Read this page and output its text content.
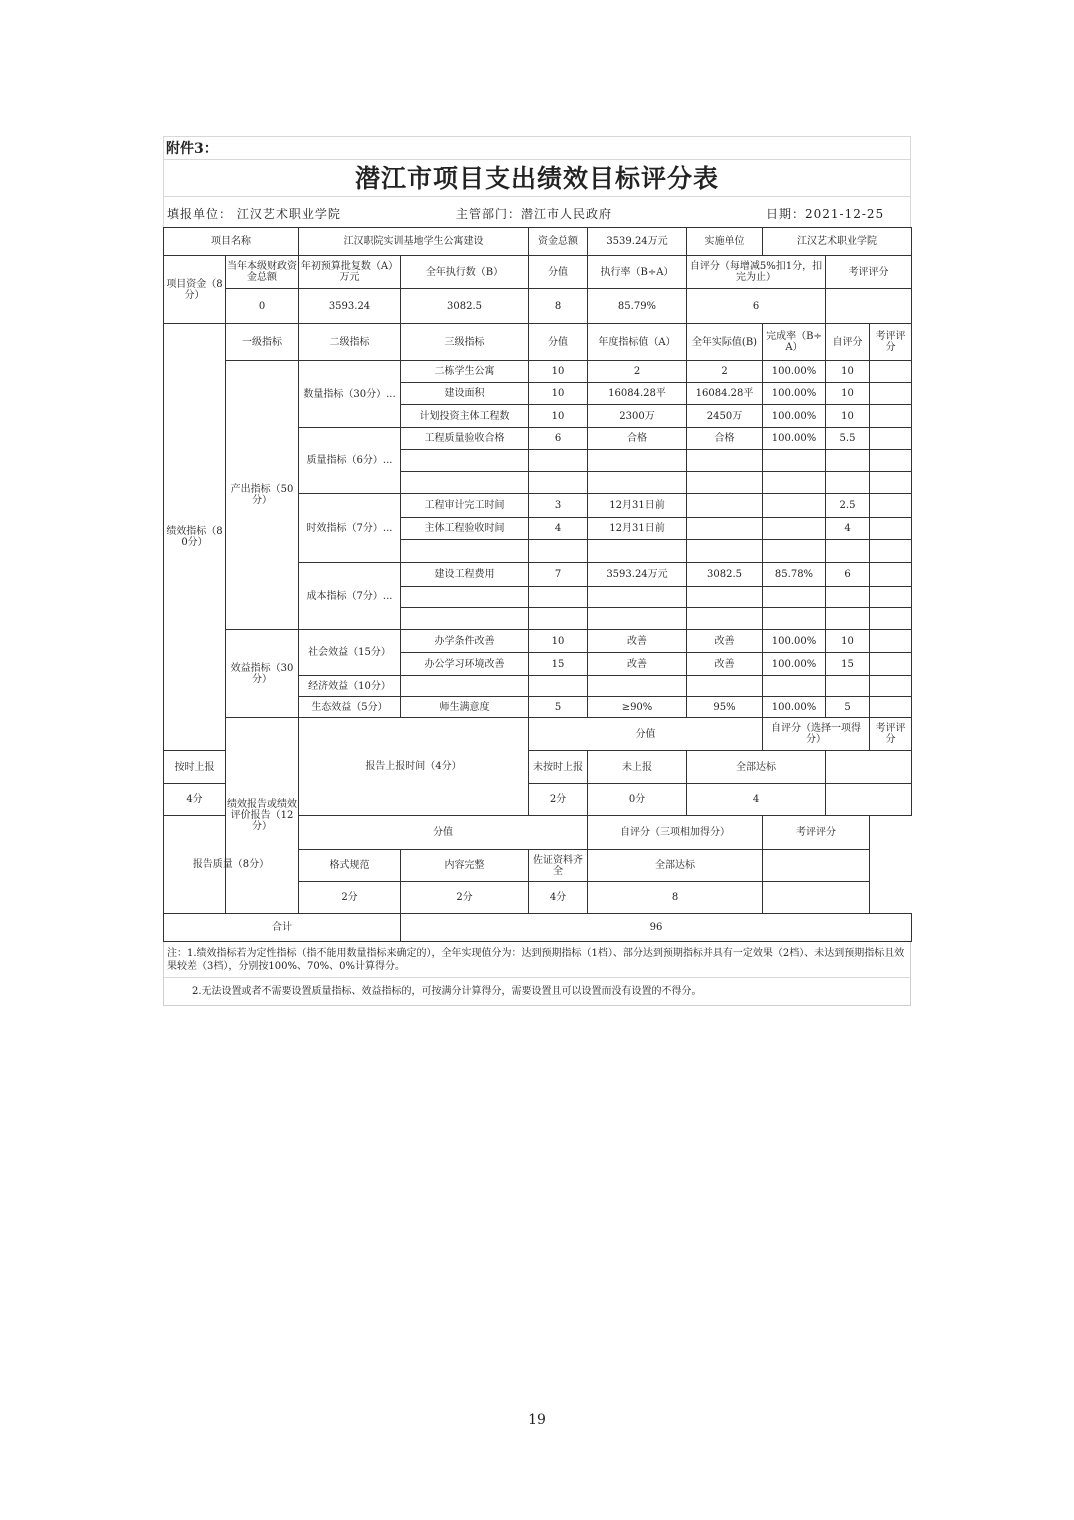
附件3：
潜江市项目支出绩效目标评分表
填报单位： 江汉艺术职业学院	主管部门：潜江市人民政府	日期：2021-12-25
项目名称		江汉职院实训基地学生公寓建设		资金总额	3539.24万元	实施单位	江汉艺术职业学院			
项目资金（8分）	当年本级财政资金总额	年初预算批复数（A）万元	全年执行数（B）	分值	执行率（B÷A）	自评分（每增减5%扣1分，扣完为止）		考评评分		
	0	3593.24	3082.5	8	85.79%	6				
绩效指标（80分）	一级指标	二级指标	三级指标	分值	年度指标值（A）	全年实际值(B)	完成率（B÷A）	自评分	考评评分	
	产出指标（50分）	数量指标（30分）...	二栋学生公寓	10	2	2	100.00%	10		
			建设面积	10	16084.28平	16084.28平	100.00%	10		
			计划投资主体工程数	10	2300万	2450万	100.00%	10		
		质量指标（6分）...	工程质量验收合格	6	合格	合格	100.00%	5.5		

		时效指标（7分）...	工程审计完工时间	3	12月31日前			2.5		
			主体工程验收时间	4	12月31日前			4		

		成本指标（7分）...	建设工程费用	7	3593.24万元	3082.5	85.78%	6		

	效益指标（30分）	社会效益（15分）	办学条件改善	10	改善	改善	100.00%	10		
			办公学习环境改善	15	改善	改善	100.00%	15		
		经济效益（10分）								
		生态效益（5分）	师生满意度	5	≥90%	95%	100.00%	5		
	绩效报告或绩效评价报告（12分）	报告上报时间（4分）		分值			自评分（选择一项得分）		考评评分	
按时上报				未按时上报	未上报	全部达标				
4分				2分	0分	4				
报告质量（8分）		分值			自评分（三项相加得分）		考评评分			
		格式规范	内容完整	佐证资料齐全	全部达标					
		2分	2分	4分	8					
合计			96							
注：1.绩效指标若为定性指标（指不能用数量指标来确定的），全年实现值分为：达到预期指标（1档）、部分达到预期指标并具有一定效果（2档）、未达到预期指标且效果较差（3档），分别按100%、70%、0%计算得分。
2.无法设置或者不需要设置质量指标、效益指标的，可按满分计算得分，需要设置且可以设置而没有设置的不得分。
19
